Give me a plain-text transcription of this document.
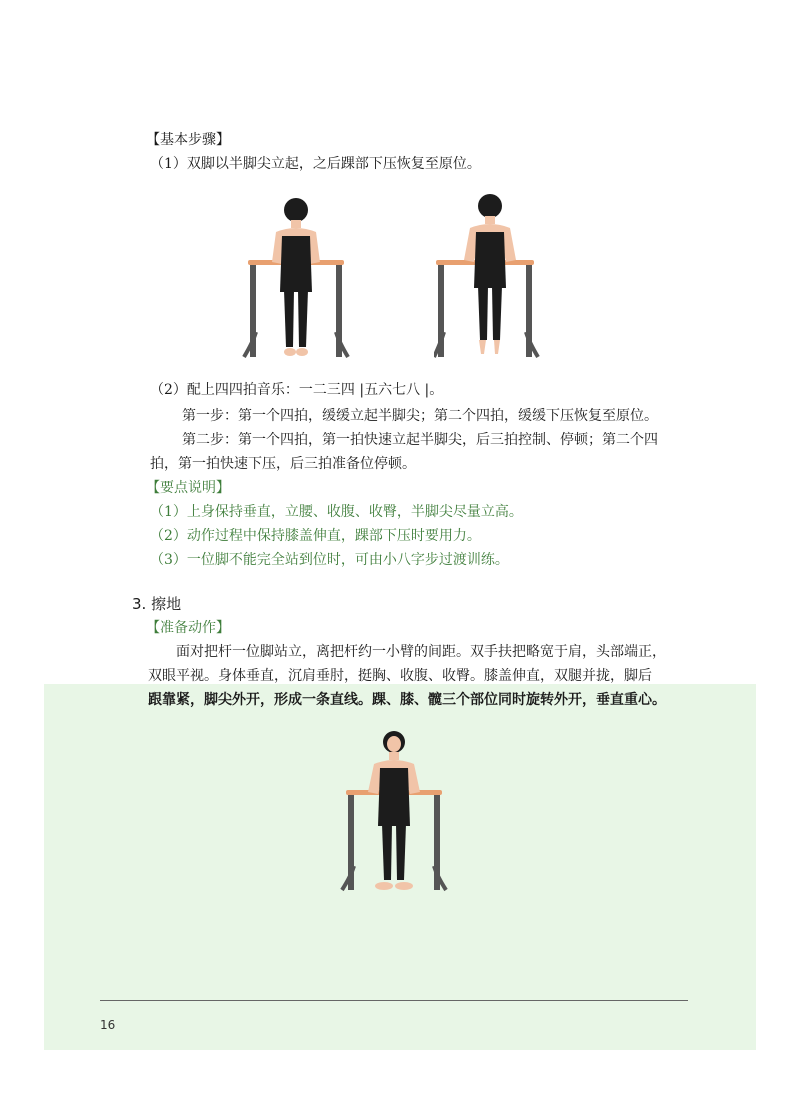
【基本步骤】
（1）双脚以半脚尖立起，之后踝部下压恢复至原位。
（2）配上四四拍音乐：一二三四 |五六七八 |。
第一步：第一个四拍，缓缓立起半脚尖；第二个四拍，缓缓下压恢复至原位。
第二步：第一个四拍，第一拍快速立起半脚尖，后三拍控制、停顿；第二个四
拍，第一拍快速下压，后三拍准备位停顿。
【要点说明】
（1）上身保持垂直，立腰、收腹、收臀，半脚尖尽量立高。
（2）动作过程中保持膝盖伸直，踝部下压时要用力。
（3）一位脚不能完全站到位时，可由小八字步过渡训练。
3. 擦地
【准备动作】
面对把杆一位脚站立，离把杆约一小臂的间距。双手扶把略宽于肩，头部端正，
双眼平视。身体垂直，沉肩垂肘，挺胸、收腹、收臀。膝盖伸直，双腿并拢，脚后
跟靠紧，脚尖外开，形成一条直线。踝、膝、髋三个部位同时旋转外开，垂直重心。
16
